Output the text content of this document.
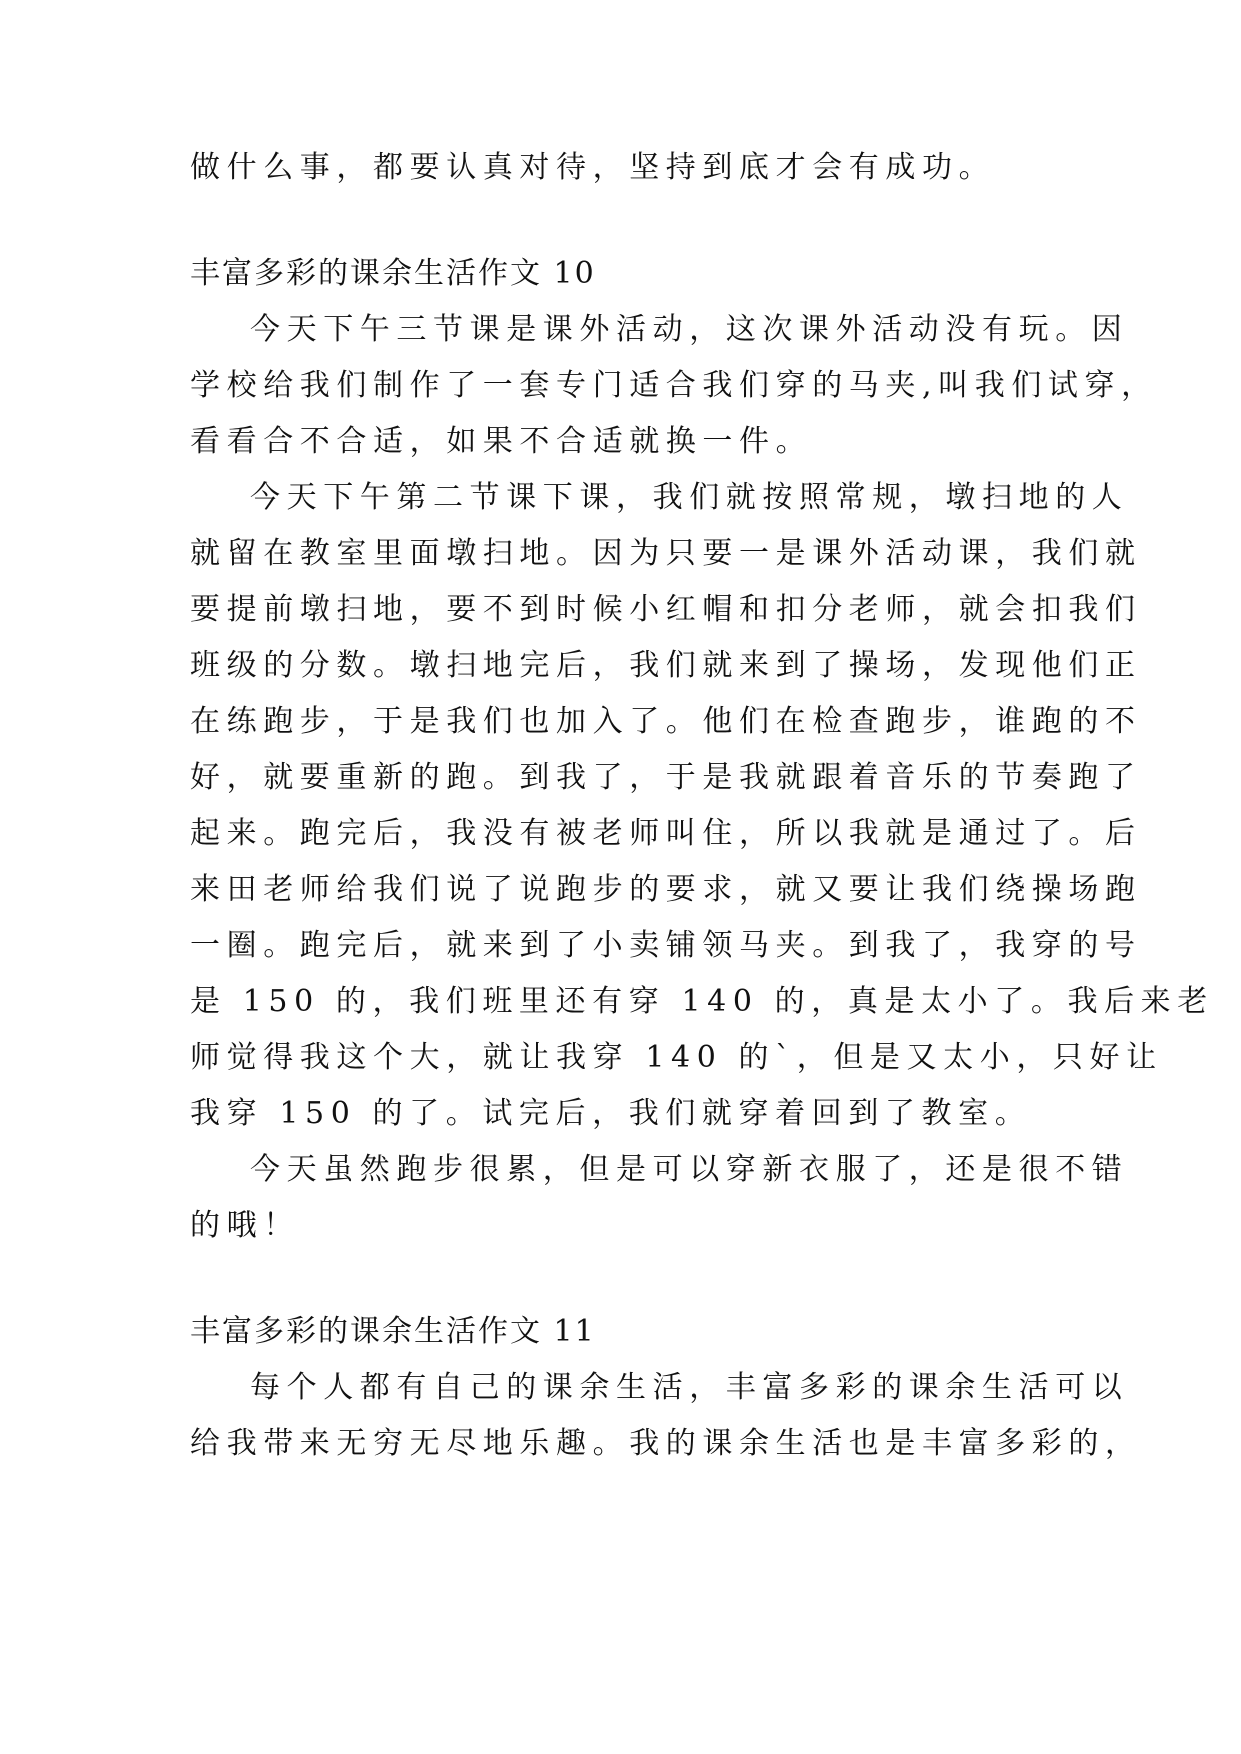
做什么事，都要认真对待，坚持到底才会有成功。
丰富多彩的课余生活作文 10
今天下午三节课是课外活动，这次课外活动没有玩。因
学校给我们制作了一套专门适合我们穿的马夹,叫我们试穿，
看看合不合适，如果不合适就换一件。
今天下午第二节课下课，我们就按照常规，墩扫地的人
就留在教室里面墩扫地。因为只要一是课外活动课，我们就
要提前墩扫地，要不到时候小红帽和扣分老师，就会扣我们
班级的分数。墩扫地完后，我们就来到了操场，发现他们正
在练跑步，于是我们也加入了。他们在检查跑步，谁跑的不
好，就要重新的跑。到我了，于是我就跟着音乐的节奏跑了
起来。跑完后，我没有被老师叫住，所以我就是通过了。后
来田老师给我们说了说跑步的要求，就又要让我们绕操场跑
一圈。跑完后，就来到了小卖铺领马夹。到我了，我穿的号
是 150 的，我们班里还有穿 140 的，真是太小了。我后来老
师觉得我这个大，就让我穿 140 的`，但是又太小，只好让
我穿 150 的了。试完后，我们就穿着回到了教室。
今天虽然跑步很累，但是可以穿新衣服了，还是很不错
的哦！
丰富多彩的课余生活作文 11
每个人都有自己的课余生活，丰富多彩的课余生活可以
给我带来无穷无尽地乐趣。我的课余生活也是丰富多彩的，
